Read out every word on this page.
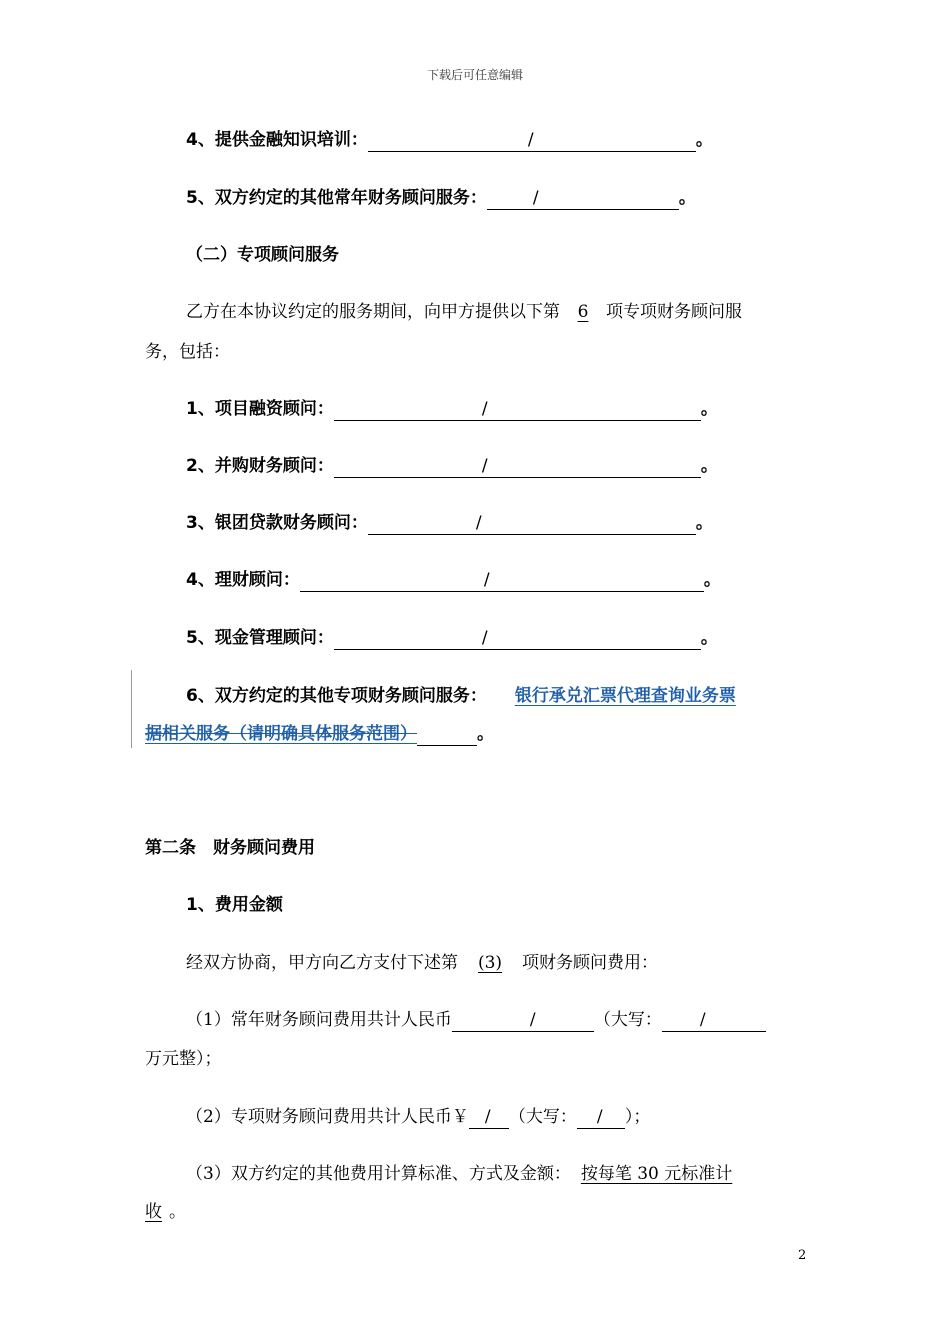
下载后可任意编辑
4、提供金融知识培训：	/	。
5、双方约定的其他常年财务顾问服务：	/	。
（二）专项顾问服务
乙方在本协议约定的服务期间，向甲方提供以下第 6 项专项财务顾问服
务，包括：
1、项目融资顾问：	/	。
2、并购财务顾问：	/	。
3、银团贷款财务顾问：	/	。
4、理财顾问：	/	。
5、现金管理顾问：	/	。
6、双方约定的其他专项财务顾问服务： 银行承兑汇票代理查询业务票
据相关服务（请明确具体服务范围）	。
第二条　财务顾问费用
1、费用金额
经双方协商，甲方向乙方支付下述第 (3) 项财务顾问费用：
（1）常年财务顾问费用共计人民币	/	（大写： /
万元整）；
（2）专项财务顾问费用共计人民币￥ / （大写： / ）；
（3）双方约定的其他费用计算标准、方式及金额： 按每笔 30 元标准计
收 。
2
